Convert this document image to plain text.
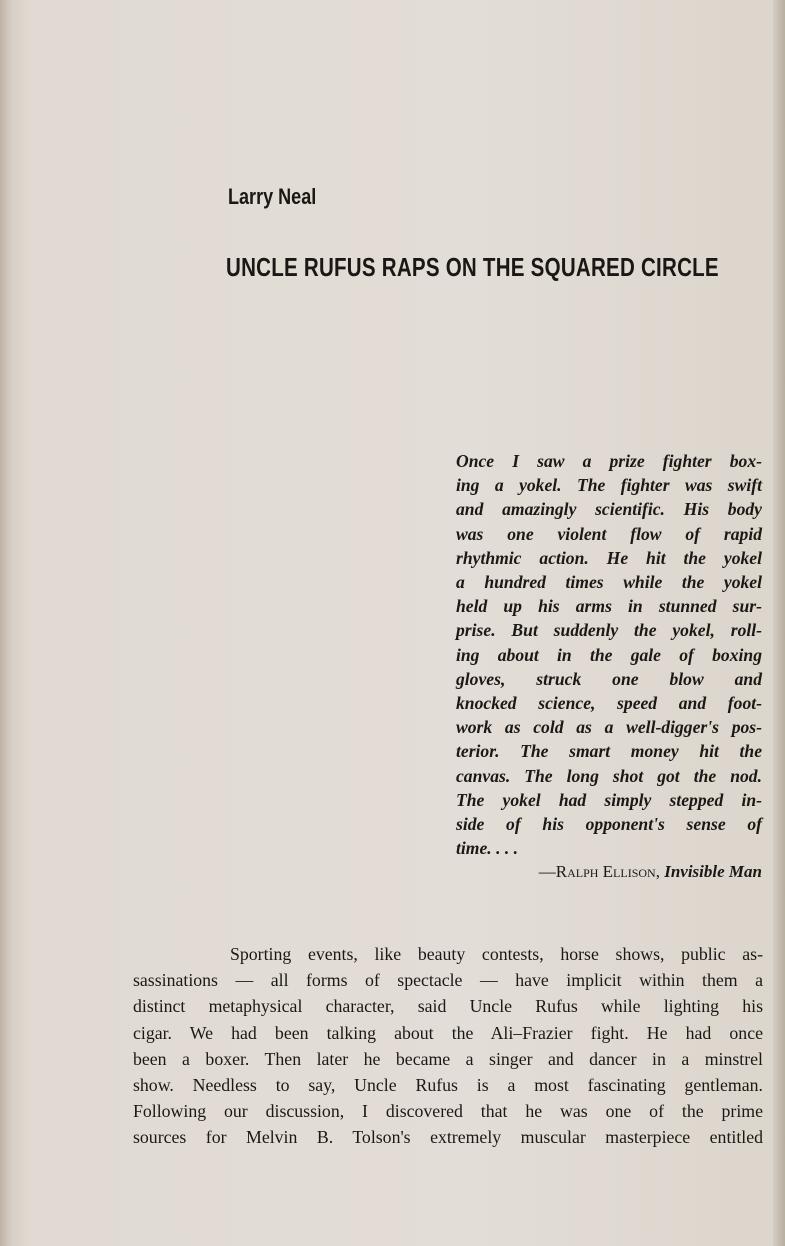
Larry Neal
UNCLE RUFUS RAPS ON THE SQUARED CIRCLE

Once I saw a prize fighter box-
ing a yokel. The fighter was swift
and amazingly scientific. His body
was one violent flow of rapid
rhythmic action. He hit the yokel
a hundred times while the yokel
held up his arms in stunned sur-
prise. But suddenly the yokel, roll-
ing about in the gale of boxing
gloves, struck one blow and
knocked science, speed and foot-
work as cold as a well-digger's pos-
terior. The smart money hit the
canvas. The long shot got the nod.
The yokel had simply stepped in-
side of his opponent's sense of
time. . . .

—Ralph Ellison, Invisible Man
Sporting events, like beauty contests, horse shows, public as-
sassinations — all forms of spectacle — have implicit within them a
distinct metaphysical character, said Uncle Rufus while lighting his
cigar. We had been talking about the Ali–Frazier fight. He had once
been a boxer. Then later he became a singer and dancer in a minstrel
show. Needless to say, Uncle Rufus is a most fascinating gentleman.
Following our discussion, I discovered that he was one of the prime
sources for Melvin B. Tolson's extremely muscular masterpiece entitled
